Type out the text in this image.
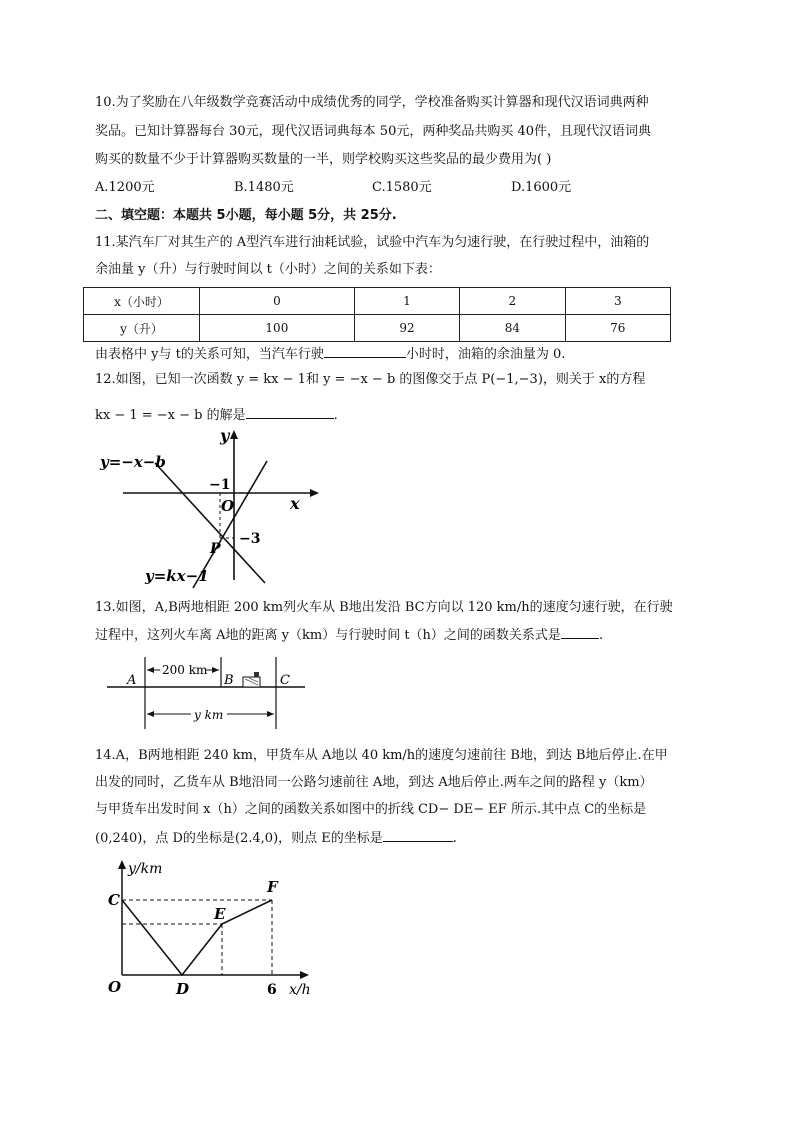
10.为了奖励在八年级数学竞赛活动中成绩优秀的同学，学校准备购买计算器和现代汉语词典两种
奖品。已知计算器每台 30元，现代汉语词典每本 50元，两种奖品共购买 40件，且现代汉语词典
购买的数量不少于计算器购买数量的一半，则学校购买这些奖品的最少费用为( )
A.1200元	B.1480元	C.1580元	D.1600元
二、填空题：本题共 5小题，每小题 5分，共 25分.
11.某汽车厂对其生产的 A型汽车进行油耗试验，试验中汽车为匀速行驶，在行驶过程中，油箱的
余油量 y（升）与行驶时间以 t（小时）之间的关系如下表：
x（小时）	0	1	2	3
y（升）	100	92	84	76
由表格中 y与 t的关系可知，当汽车行驶	小时时，油箱的余油量为 0.
12.如图，已知一次函数 y = kx − 1和 y = −x − b 的图像交于点 P(−1,−3)，则关于 x的方程
kx − 1 = −x − b 的解是	.
y=−x−b
y=kx−1
y
x
O
P
−1
−3
13.如图，A,B两地相距 200 km列火车从 B地出发沿 BC方向以 120 km/h的速度匀速行驶，在行驶
过程中，这列火车离 A地的距离 y（km）与行驶时间 t（h）之间的函数关系式是	.
200 km
y km
A	B	C
14.A，B两地相距 240 km，甲货车从 A地以 40 km/h的速度匀速前往 B地，到达 B地后停止.在甲
出发的同时，乙货车从 B地沿同一公路匀速前往 A地，到达 A地后停止.两车之间的路程 y（km）
与甲货车出发时间 x（h）之间的函数关系如图中的折线 CD− DE− EF 所示.其中点 C的坐标是
(0,240)，点 D的坐标是(2.4,0)，则点 E的坐标是	.
y/km
x/h
C
O	D
E
F
6
